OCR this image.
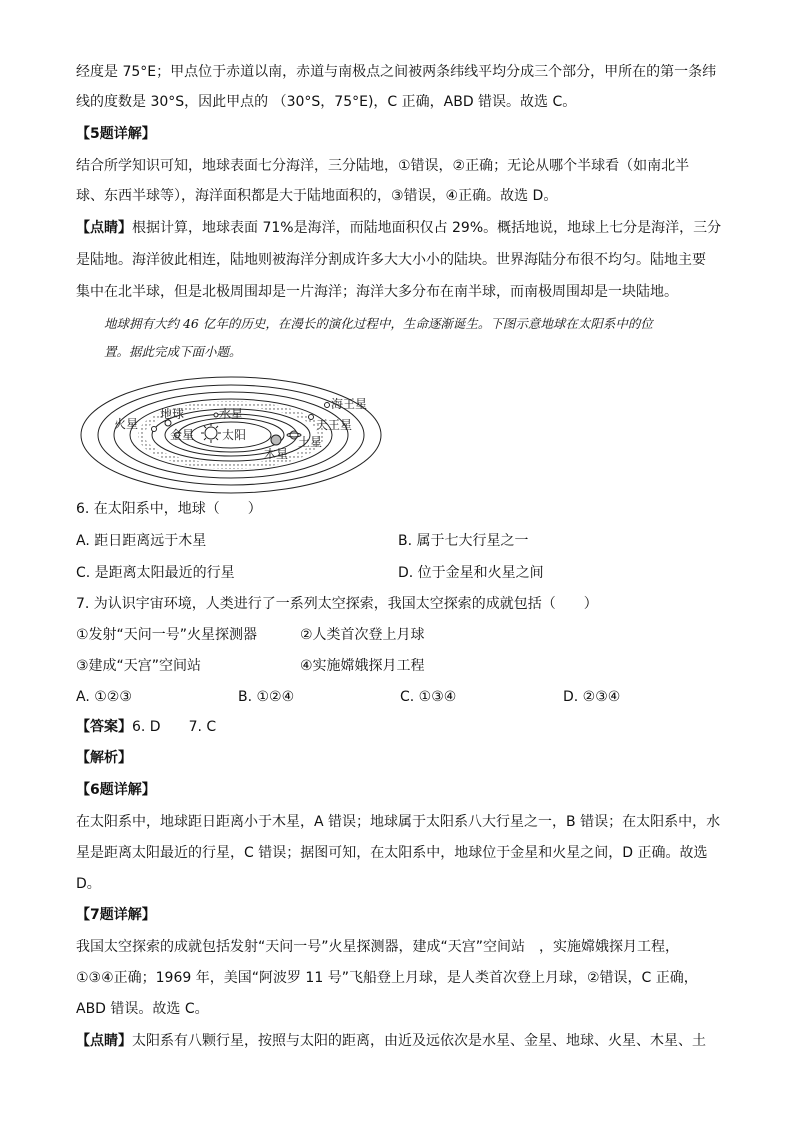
经度是 75°E；甲点位于赤道以南，赤道与南极点之间被两条纬线平均分成三个部分，甲所在的第一条纬
线的度数是 30°S，因此甲点的 （30°S，75°E)，C 正确，ABD 错误。故选 C。
【5题详解】
结合所学知识可知，地球表面七分海洋，三分陆地，①错误，②正确；无论从哪个半球看（如南北半
球、东西半球等），海洋面积都是大于陆地面积的，③错误，④正确。故选 D。
【点睛】根据计算，地球表面 71%是海洋，而陆地面积仅占 29%。概括地说，地球上七分是海洋，三分
是陆地。海洋彼此相连，陆地则被海洋分割成许多大大小小的陆块。世界海陆分布很不均匀。陆地主要
集中在北半球，但是北极周围却是一片海洋；海洋大多分布在南半球，而南极周围却是一块陆地。
地球拥有大约 46 亿年的历史，在漫长的演化过程中，生命逐渐诞生。下图示意地球在太阳系中的位
置。据此完成下面小题。
海王星
天王星
土星
木星
火星
地球	水星
金星 太阳
6. 在太阳系中，地球（　　）
A. 距日距离远于木星	B. 属于七大行星之一
C. 是距离太阳最近的行星	D. 位于金星和火星之间
7. 为认识宇宙环境，人类进行了一系列太空探索，我国太空探索的成就包括（　　）
①发射“天问一号”火星探测器	②人类首次登上月球
③建成“天宫”空间站	④实施嫦娥探月工程
A. ①②③	B. ①②④	C. ①③④	D. ②③④
【答案】6. D　　7. C
【解析】
【6题详解】
在太阳系中，地球距日距离小于木星，A 错误；地球属于太阳系八大行星之一，B 错误；在太阳系中，水
星是距离太阳最近的行星，C 错误；据图可知，在太阳系中，地球位于金星和火星之间，D 正确。故选
D。
【7题详解】
我国太空探索的成就包括发射“天问一号”火星探测器，建成“天宫”空间站　，实施嫦娥探月工程，
①③④正确；1969 年，美国“阿波罗 11 号”飞船登上月球，是人类首次登上月球，②错误，C 正确，
ABD 错误。故选 C。
【点睛】太阳系有八颗行星，按照与太阳的距离，由近及远依次是水星、金星、地球、火星、木星、土
